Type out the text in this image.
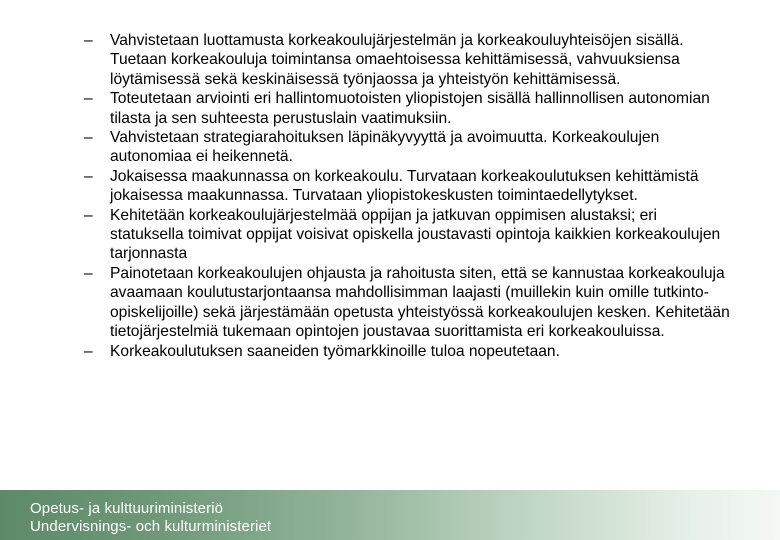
– Vahvistetaan luottamusta korkeakoulujärjestelmän ja korkeakouluyhteisöjen sisällä. Tuetaan korkeakouluja toimintansa omaehtoisessa kehittämisessä, vahvuuksiensa löytämisessä sekä keskinäisessä työnjaossa ja yhteistyön kehittämisessä.
– Toteutetaan arviointi eri hallintomuotoisten yliopistojen sisällä hallinnollisen autonomian tilasta ja sen suhteesta perustuslain vaatimuksiin.
– Vahvistetaan strategiarahoituksen läpinäkyvyyttä ja avoimuutta. Korkeakoulujen autonomiaa ei heikennetä.
– Jokaisessa maakunnassa on korkeakoulu. Turvataan korkeakoulutuksen kehittämistä jokaisessa maakunnassa. Turvataan yliopistokeskusten toimintaedellytykset.
– Kehitetään korkeakoulujärjestelmää oppijan ja jatkuvan oppimisen alustaksi; eri statuksella toimivat oppijat voisivat opiskella joustavasti opintoja kaikkien korkeakoulujen tarjonnasta
– Painotetaan korkeakoulujen ohjausta ja rahoitusta siten, että se kannustaa korkeakouluja avaamaan koulutustarjontaansa mahdollisimman laajasti (muillekin kuin omille tutkinto-opiskelijoille) sekä järjestämään opetusta yhteistyössä korkeakoulujen kesken. Kehitetään tietojärjestelmiä tukemaan opintojen joustavaa suorittamista eri korkeakouluissa.
– Korkeakoulutuksen saaneiden työmarkkinoille tuloa nopeutetaan.
Opetus- ja kulttuuriministeriö
Undervisnings- och kulturministeriet
